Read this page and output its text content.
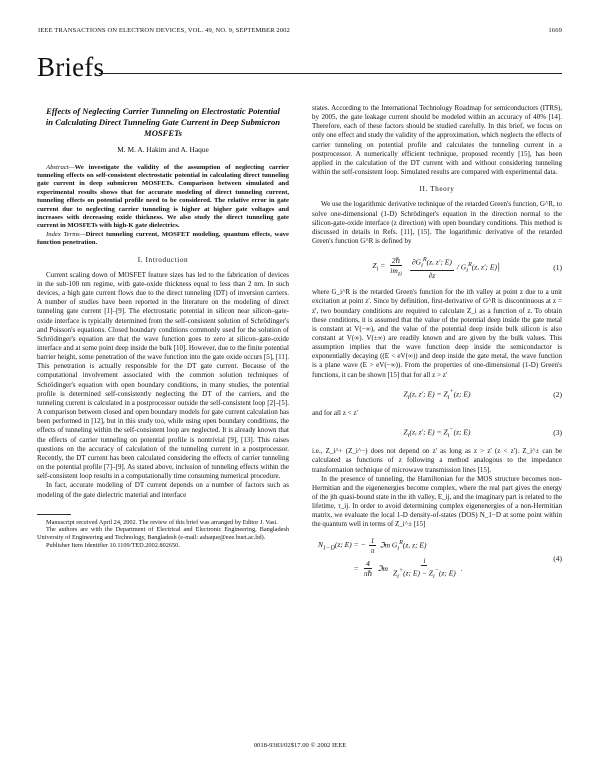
IEEE TRANSACTIONS ON ELECTRON DEVICES, VOL. 49, NO. 9, SEPTEMBER 2002	1669
Briefs
Effects of Neglecting Carrier Tunneling on Electrostatic Potential in Calculating Direct Tunneling Gate Current in Deep Submicron MOSFETs
M. M. A. Hakim and A. Haque

Abstract—We investigate the validity of the assumption of neglecting carrier tunneling effects on self-consistent electrostatic potential in calculating direct tunneling gate current in deep submicron MOSFETs. Comparison between simulated and experimental results shows that for accurate modeling of direct tunneling current, tunneling effects on potential profile need to be considered. The relative error in gate current due to neglecting carrier tunneling is higher at higher gate voltages and increases with decreasing oxide thickness. We also study the direct tunneling gate current in MOSFETs with high-K gate dielectrics.

Index Terms—Direct tunneling current, MOSFET modeling, quantum effects, wave function penetration.

I. Introduction

Current scaling down of MOSFET feature sizes has led to the fabrication of devices in the sub-100 nm regime, with gate-oxide thickness equal to less than 2 nm. In such devices, a high gate current flows due to the direct tunneling (DT) of inversion carriers. A number of studies have been reported in the literature on the modeling of direct tunneling gate current [1]–[9]. The electrostatic potential in silicon near silicon–gate-oxide interface is typically determined from the self-consistent solution of Schrödinger's and Poisson's equations. Closed boundary conditions commonly used for the solution of Schrödinger's equation are that the wave function goes to zero at silicon–gate-oxide interface and at some point deep inside the bulk [10]. However, due to the finite potential barrier height, some penetration of the wave function into the gate oxide occurs [5], [11]. This penetration is actually responsible for the DT gate current. Because of the computational involvement associated with the common solution techniques of Schrödinger's equation with open boundary conditions, in many studies, the potential profile is determined self-consistently neglecting the DT of the carriers, and the tunneling current is calculated in a postprocessor outside the self-consistent loop [2]–[5]. A comparison between closed and open boundary models for gate current calculation has been performed in [12], but in this study too, while using open boundary conditions, the effects of tunneling within the self-consistent loop are neglected. It is already known that the effects of carrier tunneling on potential profile is nontrivial [9], [13]. This raises questions on the accuracy of calculation of the tunneling current in a postprocessor. Recently, the DT current has been calculated considering the effects of carrier tunneling on the potential profile [7]–[9]. As stated above, inclusion of tunneling effects within the self-consistent loop results in a computationally time consuming numerical procedure.

In fact, accurate modeling of DT current depends on a number of factors such as modeling of the gate dielectric material and interface

Manuscript received April 24, 2002. The review of this brief was arranged by Editor J. Vasi.

The authors are with the Department of Electrical and Electronic Engineering, Bangladesh University of Engineering and Technology, Bangladesh (e-mail: ashaque@eee.buet.ac.bd).

Publisher Item Identifier 10.1109/TED.2002.802650.

states. According to the International Technology Roadmap for semiconductors (ITRS), by 2005, the gate leakage current should be modeled within an accuracy of 40% [14]. Therefore, each of these factors should be studied carefully. In this brief, we focus on only one effect and study the validity of the approximation, which neglects the effects of carrier tunneling on potential profile and calculates the tunneling current in a postprocessor. A numerically efficient technique, proposed recently [15], has been applied in the calculation of the DT current with and without considering tunneling within the self-consistent loop. Simulated results are compared with experimental data.

II. Theory

We use the logarithmic derivative technique of the retarded Green's function, G^R, to solve one-dimensional (1-D) Schrödinger's equation in the direction normal to the silicon-gate-oxide interface (z direction) with open boundary conditions. This method is discussed in details in Refs. [11], [15]. The logarithmic derivative of the retarded Green's function G^R is defined by

$Z_i = \frac{\text{2ℏ}}{im_{zi}} \frac{\partial G_i^R(z, z'; E)}{\partial z} / G_i^R(z$, z′; E)│	(1)

where G_i^R is the retarded Green's function for the ith valley at point z due to a unit excitation at point z'. Since by definition, first-derivative of G^R is discontinuous at z = z', two boundary conditions are required to calculate Z_i as a function of z. To obtain these conditions, it is assumed that the value of the potential deep inside the gate metal is constant at V(−∞), and the value of the potential deep inside bulk silicon is also constant at V(∞). V(±∞) are readily known and are given by the bulk values. This assumption implies that the wave function deep inside the semiconductor is exponentially decaying ((E < eV(∞)) and deep inside the gate metal, the wave function is a plane wave (E > eV(−∞)). From the properties of one-dimensional (1-D) Green's functions, it can be shown [15] that for all z > z'

$Z_i(z$, z′; $E) = Z_i^+(z$; E)	(2)

and for all z < z'

$Z_i(z$, z′; $E) = Z_i^-(z$; E)	(3)

i.e., Z_i^+ (Z_i^−) does not depend on z' as long as z > z' (z < z'). Z_i^± can be calculated as functions of z following a method analogous to the impedance transformation technique of microwave transmission lines [15].

In the presence of tunneling, the Hamiltonian for the MOS structure becomes non-Hermitian and the eigenenergies become complex, where the real part gives the energy of the jth quasi-bound state in the ith valley, E_ij, and the imaginary part is related to the lifetime, τ_ij. In order to avoid determining complex eigenenergies of a non-Hermitian matrix, we evaluate the local 1-D density-of-states (DOS) N_1−D at some point within the quantum well in terms of Z_i^± [15]

$N_{1-D}(z$; E) = − $\frac{1}{\pi}$ ℑm $G_i^R(z$, z; E)
= $\frac{4}{\text{πℏ}}$ ℑm $\frac{i}{Z_i^+(z; E) - Z_i^-(z; E)}$ .
(4)
0018-9383/02$17.00 © 2002 IEEE
